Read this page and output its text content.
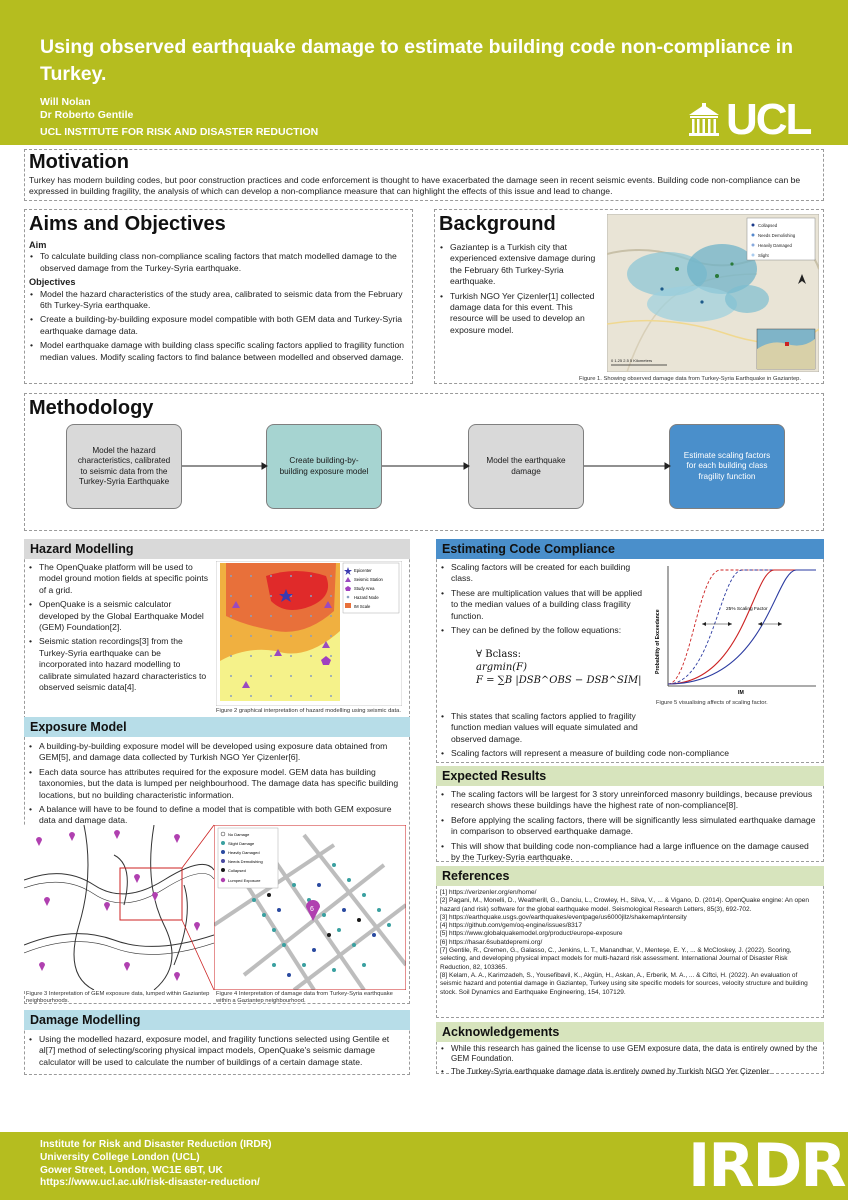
Using observed earthquake damage to estimate building code non-compliance in Turkey.
Will Nolan
Dr Roberto Gentile
UCL INSTITUTE FOR RISK AND DISASTER REDUCTION	UCL
Motivation
Turkey has modern building codes, but poor construction practices and code enforcement is thought to have exacerbated the damage seen in recent seismic events. Building code non-compliance can be expressed in building fragility, the analysis of which can develop a non-compliance measure that can highlight the effects of this issue and lead to change.
Aims and Objectives
Aim
• To calculate building class non-compliance scaling factors that match modelled damage to the observed damage from the Turkey-Syria earthquake.
Objectives
• Model the hazard characteristics of the study area, calibrated to seismic data from the February 6th Turkey-Syria earthquake.
• Create a building-by-building exposure model compatible with both GEM data and Turkey-Syria earthquake damage data.
• Model earthquake damage with building class specific scaling factors applied to fragility function median values. Modify scaling factors to find balance between modelled and observed damage.
Background
• Gaziantep is a Turkish city that experienced extensive damage during the February 6th Turkey-Syria earthquake.
• Turkish NGO Yer Çizenler[1] collected damage data for this event. This resource will be used to develop an exposure model.
Collapsed
Needs Demolishing
Heavily Damaged
Slight
0 1.25 2.5 5 Kilometers
Figure 1. Showing observed damage data from Turkey-Syria Earthquake in Gaziantep.
Methodology
Model the hazard characteristics, calibrated to seismic data from the Turkey-Syria Earthquake
Create building-by-building exposure model
Model the earthquake damage
Estimate scaling factors for each building class fragility function
Hazard Modelling
• The OpenQuake platform will be used to model ground motion fields at specific points of a grid.
• OpenQuake is a seismic calculator developed by the Global Earthquake Model (GEM) Foundation[2].
• Seismic station recordings[3] from the Turkey-Syria earthquake can be incorporated into hazard modelling to calibrate simulated hazard characteristics to observed seismic data[4].
Epicenter
Seismic Station
Study Area
Hazard Node
IM Scale
Figure 2 graphical interpretation of hazard modelling using seismic data.
Exposure Model
• A building-by-building exposure model will be developed using exposure data obtained from GEM[5], and damage data collected by Turkish NGO Yer Çizenler[6].
• Each data source has attributes required for the exposure model. GEM data has building taxonomies, but the data is lumped per neighbourhood. The damage data has specific building locations, but no building characteristic information.
• A balance will have to be found to define a model that is compatible with both GEM exposure data and damage data.
6
No Damage
Slight Damage
Heavily Damaged
Needs Demolishing
Collapsed
Lumped Exposure
Figure 3 Interpretation of GEM exposure data, lumped within Gaziantep neighbourhoods.
Figure 4 Interpretation of damage data from Turkey-Syria earthquake within a Gaziantep neighbourhood.
Damage Modelling
• Using the modelled hazard, exposure model, and fragility functions selected using Gentile et al[7] method of selecting/scoring physical impact models, OpenQuake's seismic damage calculator will be used to calculate the number of buildings of a certain damage state.
Estimating Code Compliance
• Scaling factors will be created for each building class.
• These are multiplication values that will be applied to the median values of a building class fragility function.
• They can be defined by the follow equations:
∀ Bclass:
argmin(F)
F = ∑B |DSB^OBS − DSB^SIM|
Probability of Exceedance
IM
25% Scaling Factor
Figure 5 visualising affects of scaling factor.
• This states that scaling factors applied to fragility function median values will equate simulated and observed damage.
• Scaling factors will represent a measure of building code non-compliance
Expected Results
• The scaling factors will be largest for 3 story unreinforced masonry buildings, because previous research shows these buildings have the highest rate of non-compliance[8].
• Before applying the scaling factors, there will be significantly less simulated earthquake damage in comparison to observed earthquake damage.
• This will show that building code non-compliance had a large influence on the damage caused by the Turkey-Syria earthquake.
References
[1] https://verizenler.org/en/home/
[2] Pagani, M., Monelli, D., Weatherill, G., Danciu, L., Crowley, H., Silva, V., ... & Vigano, D. (2014). OpenQuake engine: An open hazard (and risk) software for the global earthquake model. Seismological Research Letters, 85(3), 692-702.
[3] https://earthquake.usgs.gov/earthquakes/eventpage/us6000jllz/shakemap/intensity
[4] https://github.com/gem/oq-engine/issues/8317
[5] https://www.globalquakemodel.org/product/europe-exposure
[6] https://hasar.6subatdepremi.org/
[7] Gentile, R., Cremen, G., Galasso, C., Jenkins, L. T., Manandhar, V., Menteşe, E. Y., ... & McCloskey, J. (2022). Scoring, selecting, and developing physical impact models for multi-hazard risk assessment. International Journal of Disaster Risk Reduction, 82, 103365.
[8] Kelam, A. A., Karimzadeh, S., Yousefibavil, K., Akgün, H., Askan, A., Erberik, M. A., ... & Ciftci, H. (2022). An evaluation of seismic hazard and potential damage in Gaziantep, Turkey using site specific models for sources, velocity structure and building stock. Soil Dynamics and Earthquake Engineering, 154, 107129.
Acknowledgements
• While this research has gained the license to use GEM exposure data, the data is entirely owned by the GEM Foundation.
• The Turkey-Syria earthquake damage data is entirely owned by Turkish NGO Yer Çizenler.
Institute for Risk and Disaster Reduction (IRDR)
University College London (UCL)
Gower Street, London, WC1E 6BT, UK
https://www.ucl.ac.uk/risk-disaster-reduction/	IRDR
